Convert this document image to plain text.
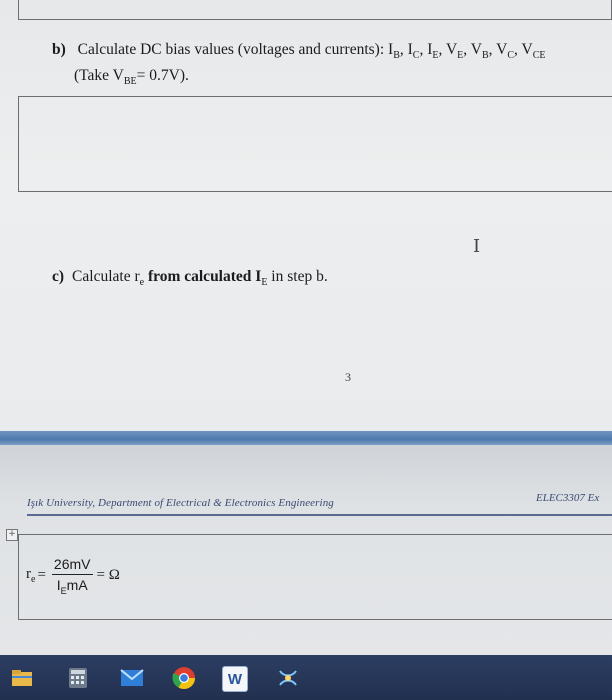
b) Calculate DC bias values (voltages and currents): $I_B$, $I_C$, $I_E$, $V_E$, $V_B$, $V_C$, $V_{CE}$
(Take $V_{BE}= 0.7V$).
c) Calculate $r_e$ from calculated $I_E$ in step b.
I
3
Işık University, Department of Electrical & Electronics Engineering	ELEC3307 Ex
+
$r_e = \frac{26mV}{I_EmA} = \Omega$
W
